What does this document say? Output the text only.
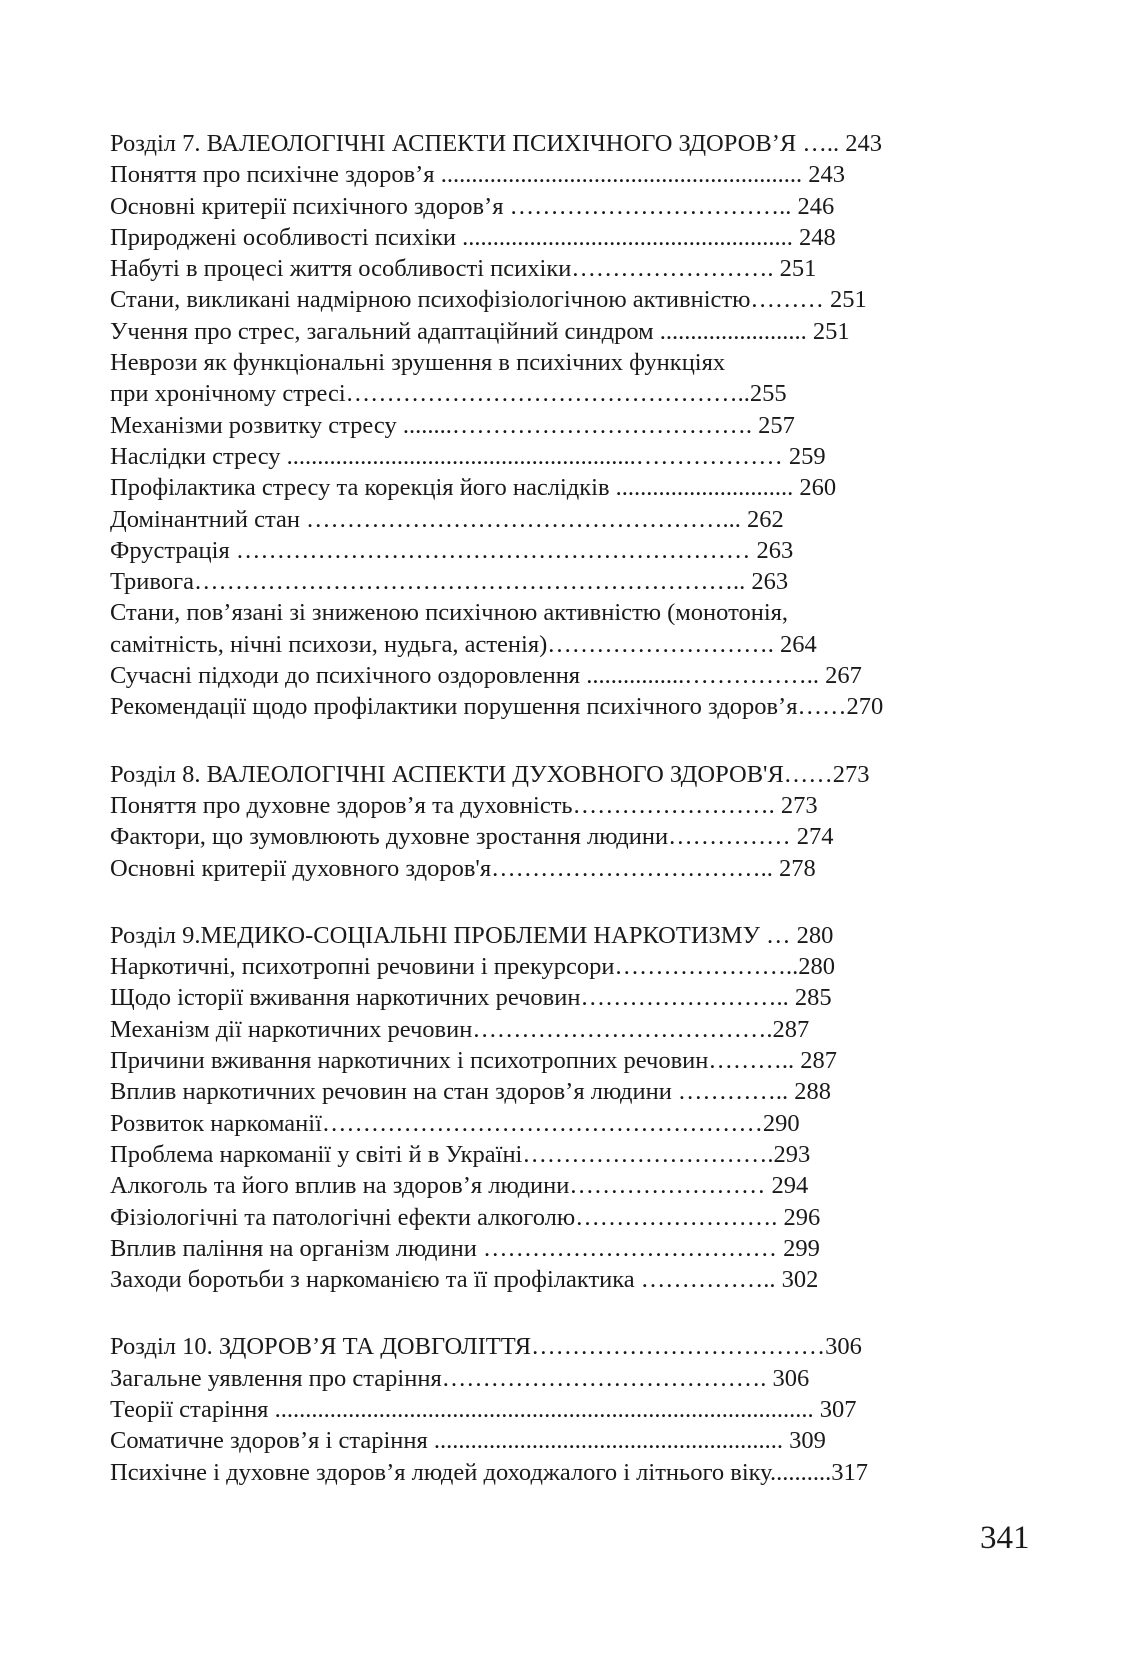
Розділ 7. ВАЛЕОЛОГІЧНІ АСПЕКТИ ПСИХІЧНОГО ЗДОРОВ’Я ….. 243
Поняття про психічне здоров’я ........................................................... 243
Основні критерії психічного здоров’я …………………………….. 246
Природжені особливості психіки ...................................................... 248
Набуті в процесі життя особливості психіки……………………. 251
Стани, викликані надмірною психофізіологічною активністю……… 251
Учення про стрес, загальний адаптаційний синдром ........................ 251
Неврози як функціональні зрушення в психічних функціях
при хронічному стресі…………………………………………..255
Механізми розвитку стресу ........………………………………. 257
Наслідки стресу .........................................................……………… 259
Профілактика стресу та корекція його наслідків ............................. 260
Домінантний стан ……………………………………………... 262
Фрустрація ……………………………………………………… 263
Тривога………………………………………………………….. 263
Стани, пов’язані зі зниженою психічною активністю (монотонія,
самітність, нічні психози, нудьга, астенія)………………………. 264
Сучасні підходи до психічного оздоровлення ................…………….. 267
Рекомендації щодо профілактики порушення психічного здоров’я……270
Розділ 8. ВАЛЕОЛОГІЧНІ АСПЕКТИ ДУХОВНОГО ЗДОРОВ'Я……273
Поняття про духовне здоров’я та духовність……………………. 273
Фактори, що зумовлюють духовне зростання людини…………… 274
Основні критерії духовного здоров'я…………………………….. 278
Розділ 9.МЕДИКО-СОЦІАЛЬНІ ПРОБЛЕМИ НАРКОТИЗМУ … 280
Наркотичні, психотропні речовини і прекурсори…………………..280
Щодо історії вживання наркотичних речовин…………………….. 285
Механізм дії наркотичних речовин……………………………….287
Причини вживання наркотичних і психотропних речовин……….. 287
Вплив наркотичних речовин на стан здоров’я людини ………….. 288
Розвиток наркоманії………………………………………………290
Проблема наркоманії у світі й в Україні………………………….293
Алкоголь та його вплив на здоров’я людини…………………… 294
Фізіологічні та патологічні ефекти алкоголю……………………. 296
Вплив паління на організм людини ……………………………… 299
Заходи боротьби з наркоманією та її профілактика …………….. 302
Розділ 10. ЗДОРОВ’Я ТА ДОВГОЛІТТЯ………………………………306
Загальне уявлення про старіння…………………………………. 306
Теорії старіння ........................................................................................ 307
Соматичне здоров’я і старіння ......................................................... 309
Психічне і духовне здоров’я людей доходжалого і літнього віку..........317
341
